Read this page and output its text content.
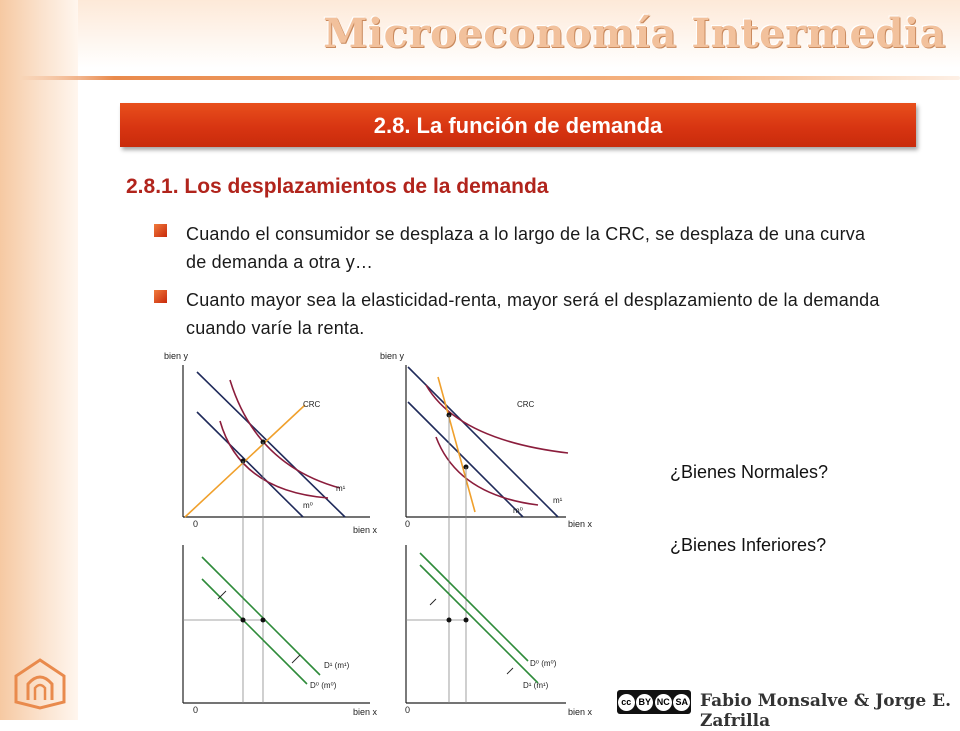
Microeconomía Intermedia
2.8. La función de demanda
2.8.1. Los desplazamientos de la demanda
Cuando el consumidor se desplaza a lo largo de la CRC, se desplaza de una curva de demanda a otra y…
Cuanto mayor sea la elasticidad-renta, mayor será el desplazamiento de la demanda cuando varíe la renta.
bien y
0
bien x
CRC
m¹
m⁰
bien y
0	bien x
CRC
m¹
m⁰
0	bien x
D¹ (m¹)
D⁰ (m⁰)
0	bien x
D⁰ (m⁰)
D¹ (m¹)
¿Bienes Normales?
¿Bienes Inferiores?
cc BY NC SA Fabio Monsalve & Jorge E. Zafrilla
